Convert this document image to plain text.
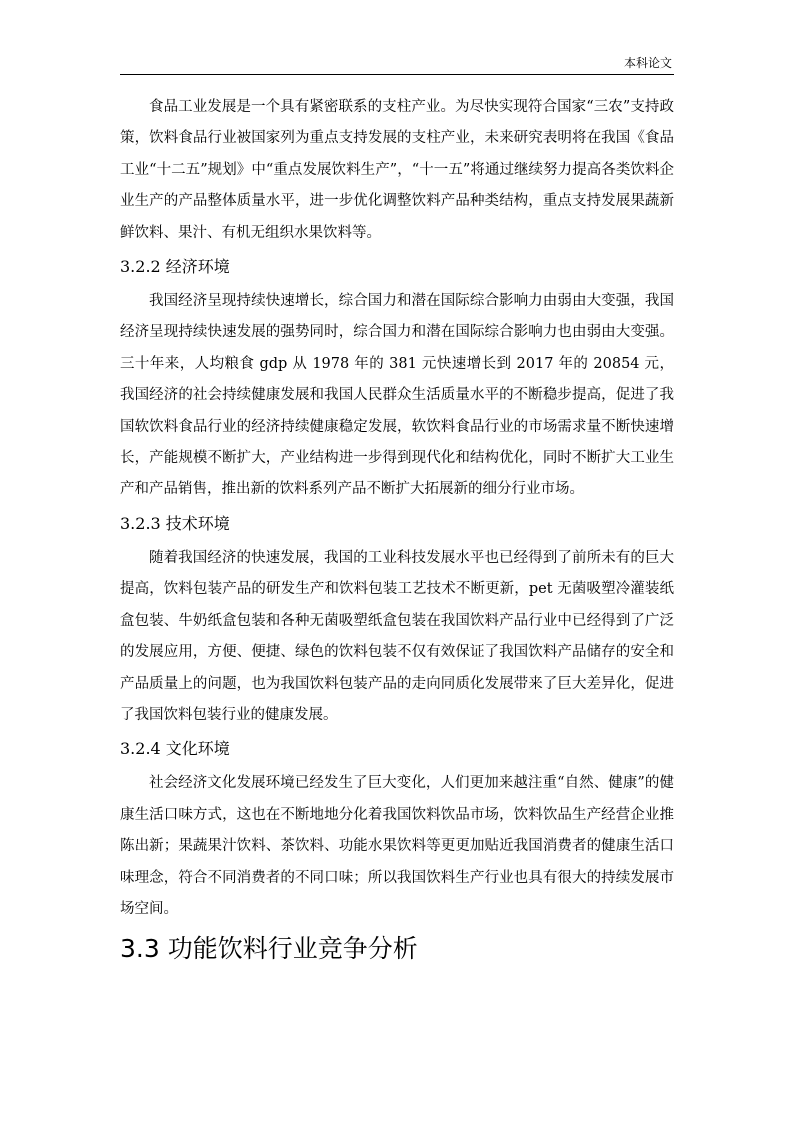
本科论文

食品工业发展是一个具有紧密联系的支柱产业。为尽快实现符合国家“三农”支持政策，饮料食品行业被国家列为重点支持发展的支柱产业，未来研究表明将在我国《食品工业“十二五”规划》中“重点发展饮料生产”，“十一五”将通过继续努力提高各类饮料企业生产的产品整体质量水平，进一步优化调整饮料产品种类结构，重点支持发展果蔬新鲜饮料、果汁、有机无组织水果饮料等。

3.2.2 经济环境

我国经济呈现持续快速增长，综合国力和潜在国际综合影响力由弱由大变强，我国经济呈现持续快速发展的强势同时，综合国力和潜在国际综合影响力也由弱由大变强。三十年来，人均粮食 gdp 从 1978 年的 381 元快速增长到 2017 年的 20854 元，我国经济的社会持续健康发展和我国人民群众生活质量水平的不断稳步提高，促进了我国软饮料食品行业的经济持续健康稳定发展，软饮料食品行业的市场需求量不断快速增长，产能规模不断扩大，产业结构进一步得到现代化和结构优化，同时不断扩大工业生产和产品销售，推出新的饮料系列产品不断扩大拓展新的细分行业市场。

3.2.3 技术环境

随着我国经济的快速发展，我国的工业科技发展水平也已经得到了前所未有的巨大提高，饮料包装产品的研发生产和饮料包装工艺技术不断更新，pet 无菌吸塑冷灌装纸盒包装、牛奶纸盒包装和各种无菌吸塑纸盒包装在我国饮料产品行业中已经得到了广泛的发展应用，方便、便捷、绿色的饮料包装不仅有效保证了我国饮料产品储存的安全和产品质量上的问题，也为我国饮料包装产品的走向同质化发展带来了巨大差异化，促进了我国饮料包装行业的健康发展。

3.2.4 文化环境

社会经济文化发展环境已经发生了巨大变化，人们更加来越注重“自然、健康”的健康生活口味方式，这也在不断地地分化着我国饮料饮品市场，饮料饮品生产经营企业推陈出新；果蔬果汁饮料、茶饮料、功能水果饮料等更更加贴近我国消费者的健康生活口味理念，符合不同消费者的不同口味；所以我国饮料生产行业也具有很大的持续发展市场空间。

3.3 功能饮料行业竞争分析
